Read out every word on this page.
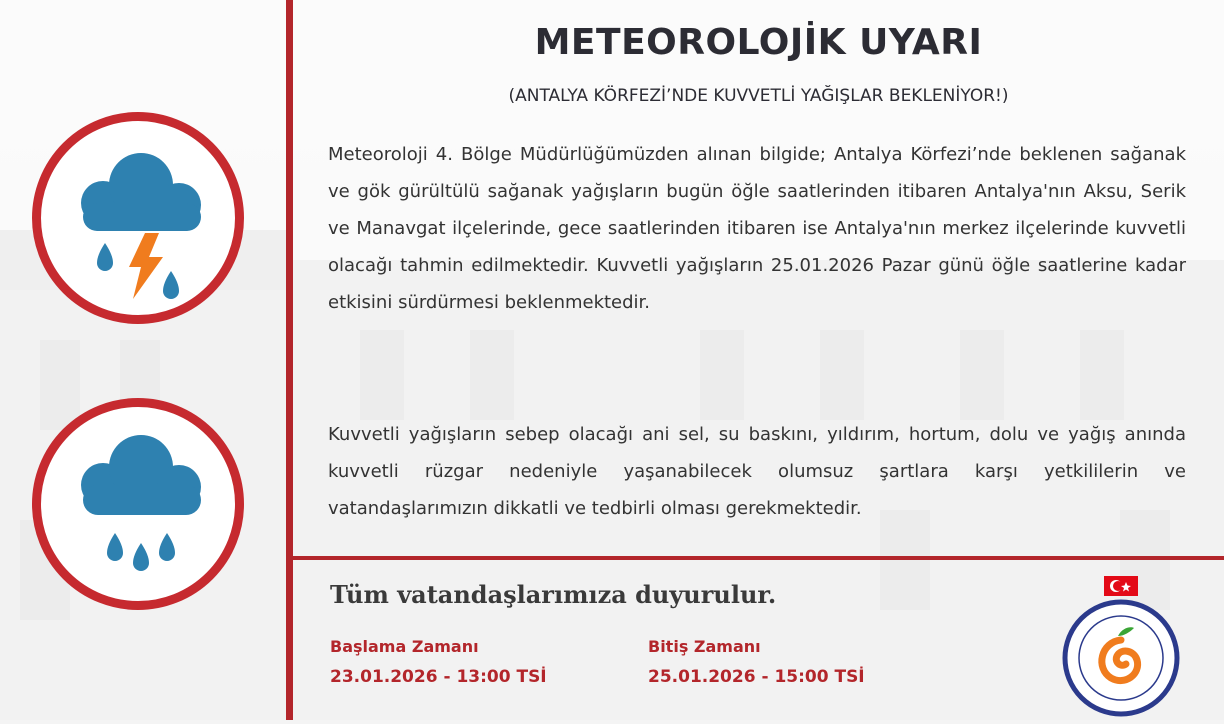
METEOROLOJİK UYARI
(ANTALYA KÖRFEZİ’NDE KUVVETLİ YAĞIŞLAR BEKLENİYOR!)

Meteoroloji 4. Bölge Müdürlüğümüzden alınan bilgide; Antalya Körfezi’nde beklenen sağanak ve gök gürültülü sağanak yağışların bugün öğle saatlerinden itibaren Antalya'nın Aksu, Serik ve Manavgat ilçelerinde, gece saatlerinden itibaren ise Antalya'nın merkez ilçelerinde kuvvetli olacağı tahmin edilmektedir. Kuvvetli yağışların 25.01.2026 Pazar günü öğle saatlerine kadar etkisini sürdürmesi beklenmektedir.

Kuvvetli yağışların sebep olacağı ani sel, su baskını, yıldırım, hortum, dolu ve yağış anında kuvvetli rüzgar nedeniyle yaşanabilecek olumsuz şartlara karşı yetkililerin ve vatandaşlarımızın dikkatli ve tedbirli olması gerekmektedir.

Tüm vatandaşlarımıza duyurulur.
Başlama Zamanı
23.01.2026 - 13:00 TSİ
Bitiş Zamanı
25.01.2026 - 15:00 TSİ
